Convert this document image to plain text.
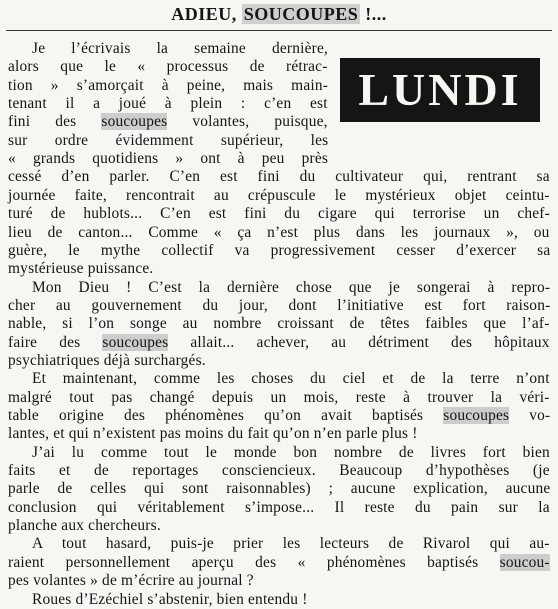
ADIEU, SOUCOUPES !...
LUNDI
Je l’écrivais la semaine dernière,
alors que le « processus de rétrac-
tion » s’amorçait à peine, mais main-
tenant il a joué à plein : c’en est
fini des soucoupes volantes, puisque,
sur ordre évidemment supérieur, les
« grands quotidiens » ont à peu près
cessé d’en parler. C’en est fini du cultivateur qui, rentrant sa
journée faite, rencontrait au crépuscule le mystérieux objet ceintu-
turé de hublots... C’en est fini du cigare qui terrorise un chef-
lieu de canton... Comme « ça n’est plus dans les journaux », ou
guère, le mythe collectif va progressivement cesser d’exercer sa
mystérieuse puissance.
Mon Dieu ! C’est la dernière chose que je songerai à repro-
cher au gouvernement du jour, dont l’initiative est fort raison-
nable, si l’on songe au nombre croissant de têtes faibles que l’af-
faire des soucoupes allait... achever, au détriment des hôpitaux
psychiatriques déjà surchargés.
Et maintenant, comme les choses du ciel et de la terre n’ont
malgré tout pas changé depuis un mois, reste à trouver la véri-
table origine des phénomènes qu’on avait baptisés soucoupes vo-
lantes, et qui n’existent pas moins du fait qu’on n’en parle plus !
J’ai lu comme tout le monde bon nombre de livres fort bien
faits et de reportages consciencieux. Beaucoup d’hypothèses (je
parle de celles qui sont raisonnables) ; aucune explication, aucune
conclusion qui véritablement s’impose... Il reste du pain sur la
planche aux chercheurs.
A tout hasard, puis-je prier les lecteurs de Rivarol qui au-
raient personnellement aperçu des « phénomènes baptisés soucou-
pes volantes » de m’écrire au journal ?
Roues d’Ezéchiel s’abstenir, bien entendu !
